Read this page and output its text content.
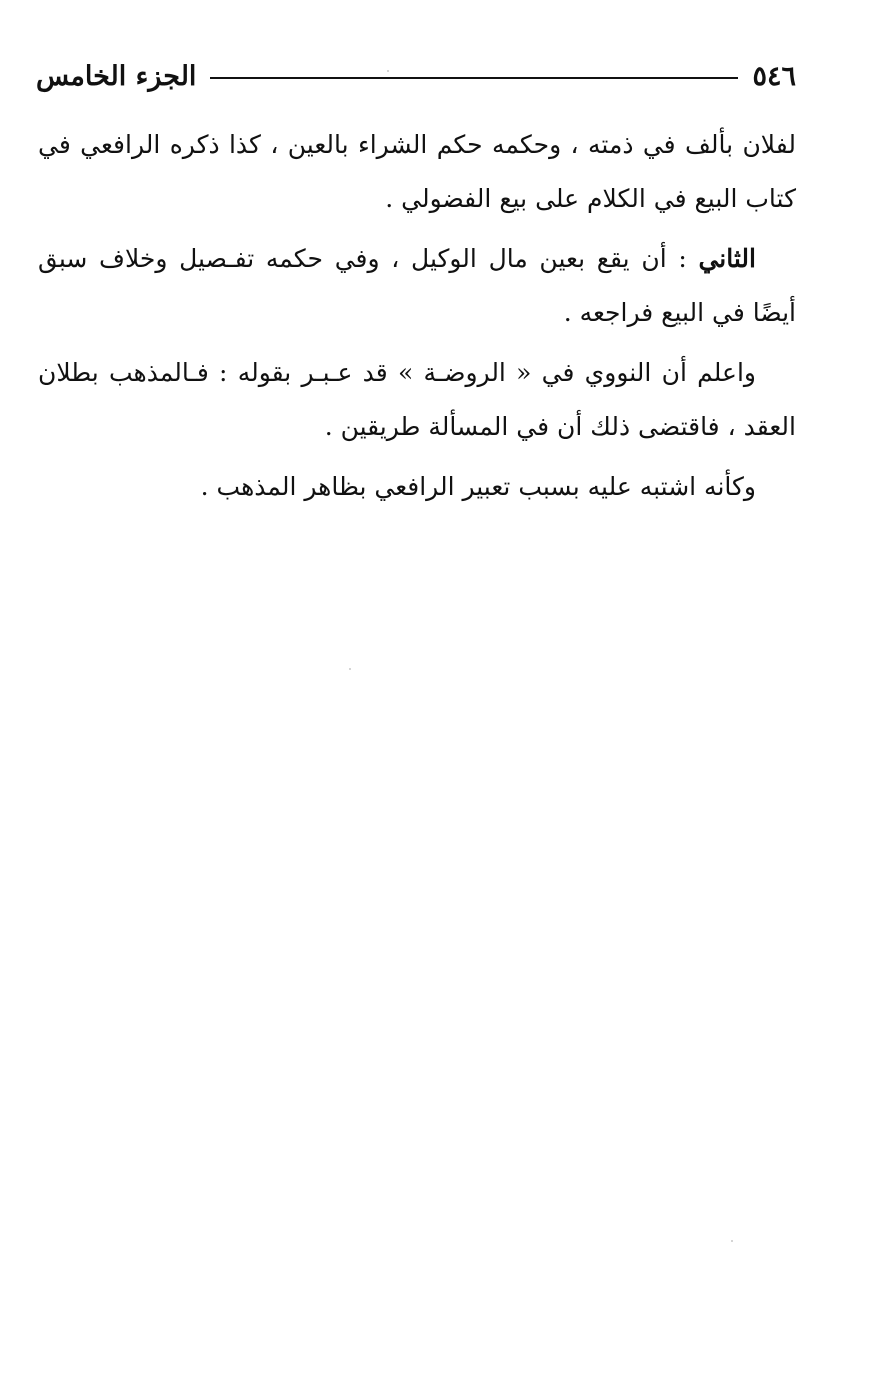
٥٤٦
الجزء الخامس

لفلان بألف في ذمته ، وحكمه حكم الشراء بالعين ، كذا ذكره الرافعي في كتاب البيع في الكلام على بيع الفضولي .

الثاني : أن يقع بعين مال الوكيل ، وفي حكمه تفـصيل وخلاف سبق أيضًا في البيع فراجعه .

واعلم أن النووي في « الروضـة » قد عـبـر بقوله : فـالمذهب بطلان العقد ، فاقتضى ذلك أن في المسألة طريقين .

وكأنه اشتبه عليه بسبب تعبير الرافعي بظاهر المذهب .
